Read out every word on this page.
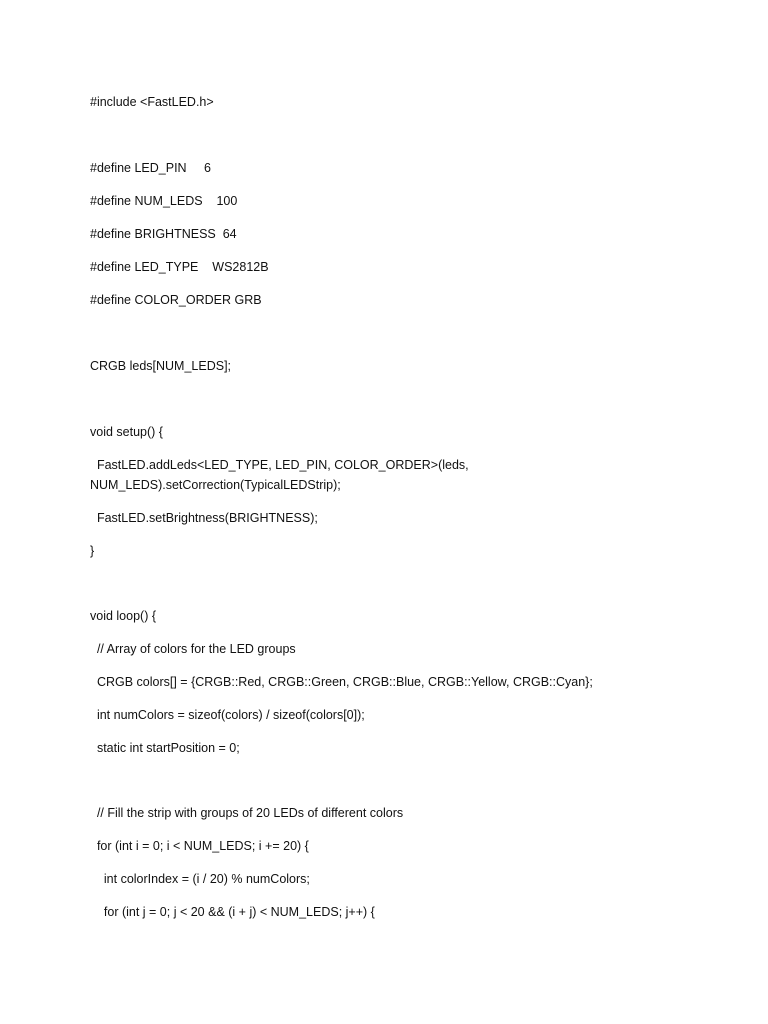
#include <FastLED.h>
#define LED_PIN     6
#define NUM_LEDS    100
#define BRIGHTNESS  64
#define LED_TYPE    WS2812B
#define COLOR_ORDER GRB
CRGB leds[NUM_LEDS];
void setup() {
FastLED.addLeds<LED_TYPE, LED_PIN, COLOR_ORDER>(leds,
NUM_LEDS).setCorrection(TypicalLEDStrip);
FastLED.setBrightness(BRIGHTNESS);
}
void loop() {
// Array of colors for the LED groups
CRGB colors[] = {CRGB::Red, CRGB::Green, CRGB::Blue, CRGB::Yellow, CRGB::Cyan};
int numColors = sizeof(colors) / sizeof(colors[0]);
static int startPosition = 0;
// Fill the strip with groups of 20 LEDs of different colors
for (int i = 0; i < NUM_LEDS; i += 20) {
int colorIndex = (i / 20) % numColors;
for (int j = 0; j < 20 && (i + j) < NUM_LEDS; j++) {
